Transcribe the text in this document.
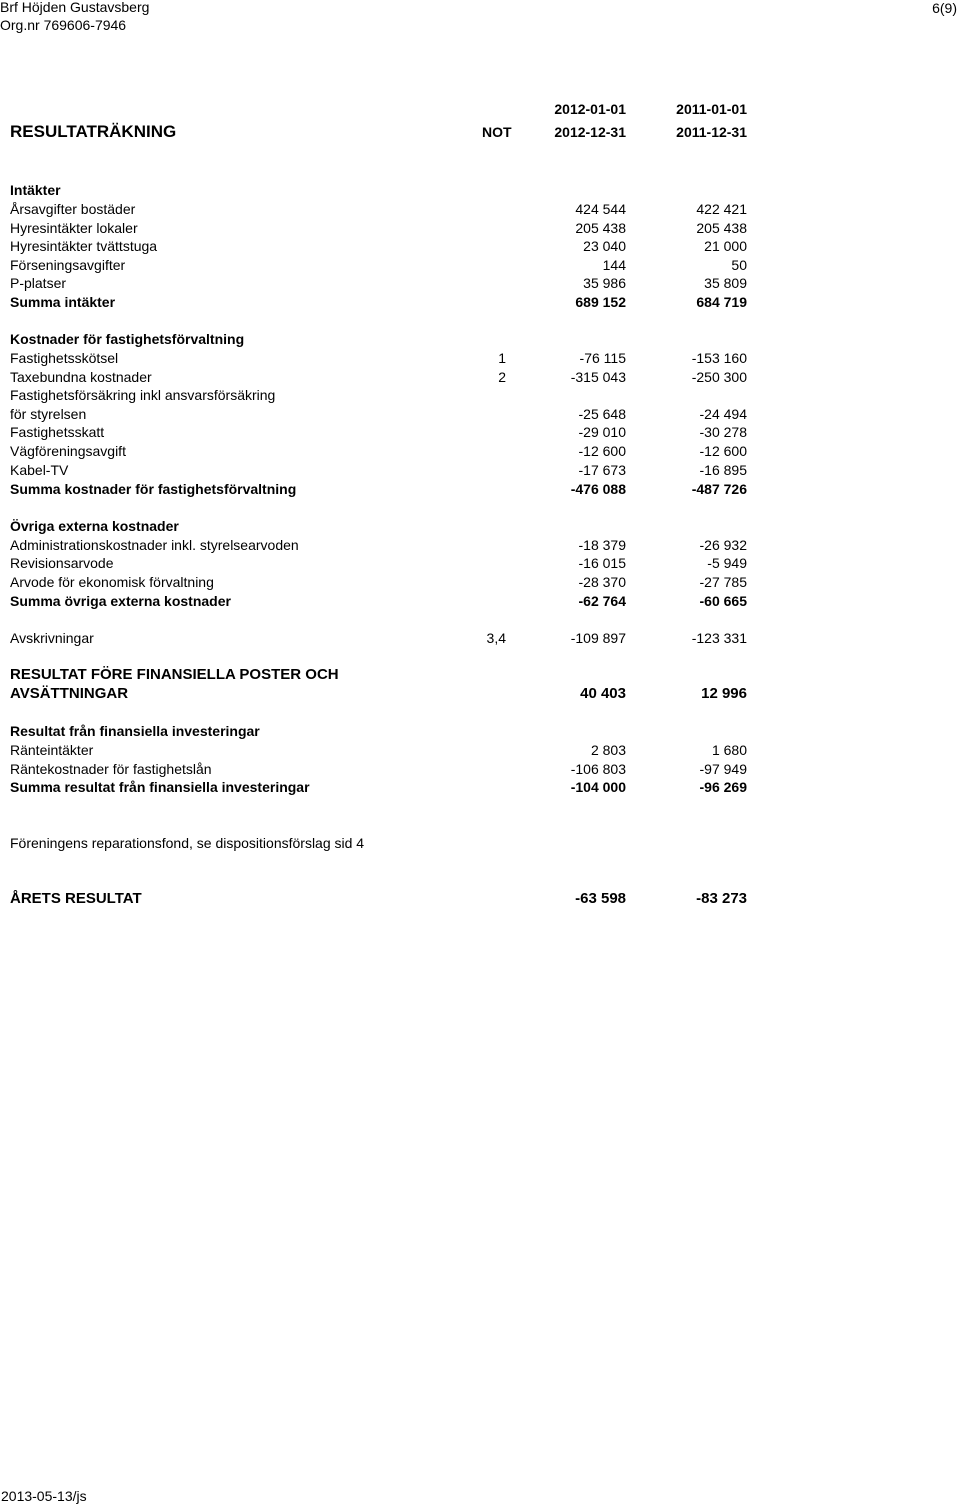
Brf Höjden Gustavsberg
Org.nr 769606-7946
6(9)
2012-01-01	2011-01-01
RESULTATRÄKNING	NOT	2012-12-31	2011-12-31
Intäkter
Årsavgifter bostäder	424 544	422 421
Hyresintäkter lokaler	205 438	205 438
Hyresintäkter tvättstuga	23 040	21 000
Förseningsavgifter	144	50
P-platser	35 986	35 809
Summa intäkter	689 152	684 719
Kostnader för fastighetsförvaltning
Fastighetsskötsel	1	-76 115	-153 160
Taxebundna kostnader	2	-315 043	-250 300
Fastighetsförsäkring inkl ansvarsförsäkring
för styrelsen	-25 648	-24 494
Fastighetsskatt	-29 010	-30 278
Vägföreningsavgift	-12 600	-12 600
Kabel-TV	-17 673	-16 895
Summa kostnader för fastighetsförvaltning	-476 088	-487 726
Övriga externa kostnader
Administrationskostnader inkl. styrelsearvoden	-18 379	-26 932
Revisionsarvode	-16 015	-5 949
Arvode för ekonomisk förvaltning	-28 370	-27 785
Summa övriga externa kostnader	-62 764	-60 665
Avskrivningar	3,4	-109 897	-123 331
RESULTAT FÖRE FINANSIELLA POSTER OCH
AVSÄTTNINGAR	40 403	12 996
Resultat från finansiella investeringar
Ränteintäkter	2 803	1 680
Räntekostnader för fastighetslån	-106 803	-97 949
Summa resultat från finansiella investeringar	-104 000	-96 269
Föreningens reparationsfond, se dispositionsförslag sid 4
ÅRETS RESULTAT	-63 598	-83 273
2013-05-13/js
